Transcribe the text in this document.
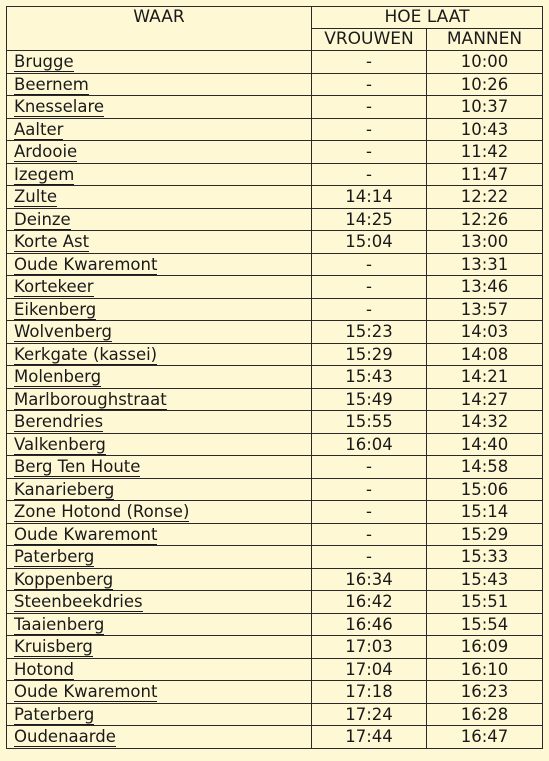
WAAR	HOE LAAT	
	VROUWEN	MANNEN
Brugge	-	10:00
Beernem	-	10:26
Knesselare	-	10:37
Aalter	-	10:43
Ardooie	-	11:42
Izegem	-	11:47
Zulte	14:14	12:22
Deinze	14:25	12:26
Korte Ast	15:04	13:00
Oude Kwaremont	-	13:31
Kortekeer	-	13:46
Eikenberg	-	13:57
Wolvenberg	15:23	14:03
Kerkgate (kassei)	15:29	14:08
Molenberg	15:43	14:21
Marlboroughstraat	15:49	14:27
Berendries	15:55	14:32
Valkenberg	16:04	14:40
Berg Ten Houte	-	14:58
Kanarieberg	-	15:06
Zone Hotond (Ronse)	-	15:14
Oude Kwaremont	-	15:29
Paterberg	-	15:33
Koppenberg	16:34	15:43
Steenbeekdries	16:42	15:51
Taaienberg	16:46	15:54
Kruisberg	17:03	16:09
Hotond	17:04	16:10
Oude Kwaremont	17:18	16:23
Paterberg	17:24	16:28
Oudenaarde	17:44	16:47
